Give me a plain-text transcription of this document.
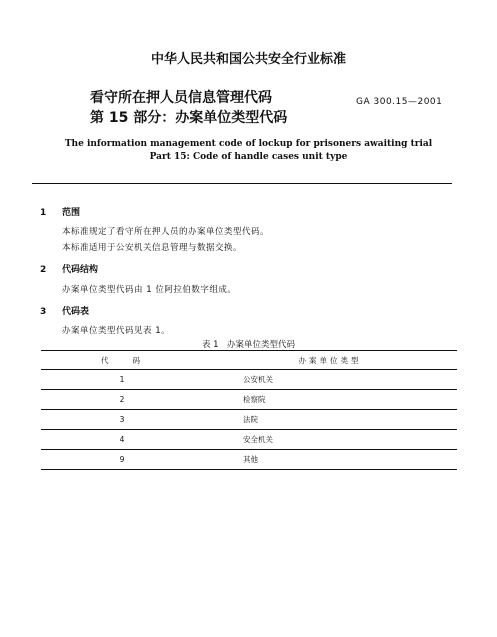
中华人民共和国公共安全行业标准
看守所在押人员信息管理代码
第 15 部分：办案单位类型代码
GA 300.15—2001
The information management code of lockup for prisoners awaiting trial
Part 15: Code of handle cases unit type
1 范围
本标准规定了看守所在押人员的办案单位类型代码。
本标准适用于公安机关信息管理与数据交换。
2 代码结构
办案单位类型代码由 1 位阿拉伯数字组成。
3 代码表
办案单位类型代码见表 1。
表 1　办案单位类型代码
代　　码	办案单位类型
1	公安机关
2	检察院
3	法院
4	安全机关
9	其他
